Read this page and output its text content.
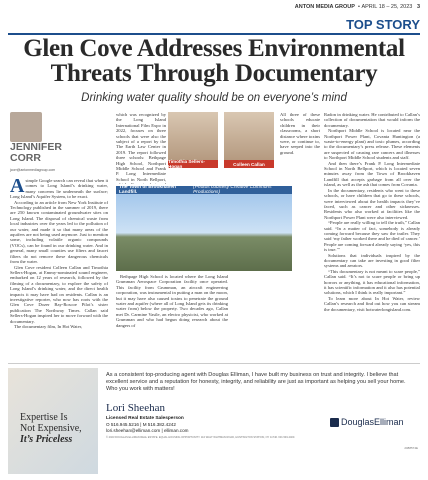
ANTON MEDIA GROUP  • APRIL 18 – 25, 2023 3
TOP STORY
Glen Cove Addresses Environmental
Threats Through Documentary
Drinking water quality should be on everyone’s mind
JENNIFER
CORR
jcorr@antonmediagroup.com
A simple Google search can reveal that when it comes to Long Island’s drinking water, many concerns lie underneath the surface; Long Island’s Aquifer System, to be exact.

According to an article from New York Institute of Technology published in the summer of 2019, there are 250 known contaminated groundwater sites on Long Island. The disposal of chemical waste from local industries over the years led to the pollution of our water, and made it so that many areas of the aquifers are not being used anymore. Just to mention some, including volatile organic compounds (VOCs), can be found in our drinking water. And in general, many small counties use filters and faucet filters do not remove these dangerous chemicals from the water.

Glen Cove resident Colleen Callan and Timothia Sellers-Hogan, at Emmy-nominated sound engineer, embarked on 12 years of research, followed by the filming of a documentary, to explore the safety of Long Island’s drinking water, and the direct health impacts it may have had on residents. Callan is an investigative reporter, who now has roots with the Glen Cove Dozer Bay-Roscoe Pilot’s sister publication The Northway Times. Callan said Sellers-Hogan inspired her to move forward with the documentary.

The documentary film, In Hot Water,

which was recognized by the Long Island International Film Expo in 2022, focuses on three schools that were also the subject of a report by the The Earth Law Center in 2019. The report followed three schools: Bethpage High School, Northport Middle School and Frank P. Long Intermediate School in North Bellport,

Timothia Sellers-Hogan	Colleen Callan
The Town of Brookhaven Landfill.
(Photos courtesy Creative Commons Productions)

Bethpage High School is located where the Long Island Grumman Aerospace Corporation facility once operated. This facility from Grumman, an aircraft engineering corporation, was instrumental in putting a man on the moon, but it may have also caused toxins to penetrate the ground water and aquifer (where all of Long Island gets its drinking water from) below the property. Two decades ago, Callan met Dr. Carmine Vasile, an electro physicist, who worked at Grumman and who had begun doing research about the dangers of

All three of these schools educate children in their classrooms, a short distance where toxins were, or continue to, have seeped into the ground.

Radon in drinking water. He contributed to Callan’s collection of documentation that would inform the documentary.

Northport Middle School is located near the Northport Power Plant, Covanta Huntington (a waste-to-energy plant) and toxic plumes, according to the documentary’s press release. These elements are suspected of causing rare cancers and illnesses to Northport Middle School students and staff.

And then there’s Frank P. Long Intermediate School in North Bellport, which is located seven minutes away from the Town of Brookhaven Landfill that accepts garbage from all over the island, as well as the ash that comes from Covanta.

In the documentary, residents who went to these schools, or have children that go to these schools, were interviewed about the health impacts they’ve faced, such as cancer and other sicknesses. Residents who also worked at facilities like the Northport Power Plant were also interviewed.

“People are really willing to tell the truth,” Callan said. “In a matter of fact, somebody is already coming forward because they saw the trailer. They said ‘my father worked there and he died of cancer.’ People are coming forward already saying ‘yes, this is true.’”

Solutions that individuals inspired by the documentary can take are investing in good filter systems and aerators.

“This documentary is not meant to scare people,” Callan said. “It’s not to scare people or bring up horrors or anything, it has educational information, it has scientific information and it also has potential solutions, which I think is really important.”

To learn more about In Hot Water, review Callan’s research and find out how you can stream the documentary, visit hotwaterlongisland.com.

Expertise Is
Not Expensive,
It’s Priceless
As a consistent top-producing agent with Douglas Elliman, I have built my business on trust and integrity. I believe that excellent service and a reputation for honesty, integrity, and reliability are just as important as helping you sell your home. Who you work with matters!
Lori Sheehan
Licensed Real Estate Salesperson
O 516.945.5216 | M 516.382.4242
lori.sheehan@elliman.com | elliman.com
DouglasElliman
© 2023 DOUGLAS ELLIMAN REAL ESTATE. EQUAL HOUSING OPPORTUNITY. 110 WALT WHITMAN ROAD, HUNTINGTON STATION, NY 11746. 631.549.4400.
2088574E
